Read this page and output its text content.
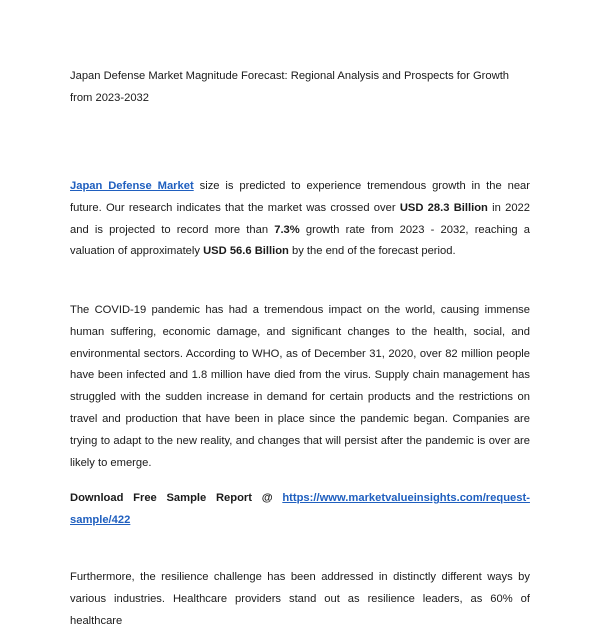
Japan Defense Market Magnitude Forecast: Regional Analysis and Prospects for Growth from 2023-2032

Japan Defense Market size is predicted to experience tremendous growth in the near future. Our research indicates that the market was crossed over USD 28.3 Billion in 2022 and is projected to record more than 7.3% growth rate from 2023 - 2032, reaching a valuation of approximately USD 56.6 Billion by the end of the forecast period.

The COVID-19 pandemic has had a tremendous impact on the world, causing immense human suffering, economic damage, and significant changes to the health, social, and environmental sectors. According to WHO, as of December 31, 2020, over 82 million people have been infected and 1.8 million have died from the virus. Supply chain management has struggled with the sudden increase in demand for certain products and the restrictions on travel and production that have been in place since the pandemic began. Companies are trying to adapt to the new reality, and changes that will persist after the pandemic is over are likely to emerge.

Download Free Sample Report @ https://www.marketvalueinsights.com/request-
sample/422

Furthermore, the resilience challenge has been addressed in distinctly different ways by various industries. Healthcare providers stand out as resilience leaders, as 60% of healthcare
